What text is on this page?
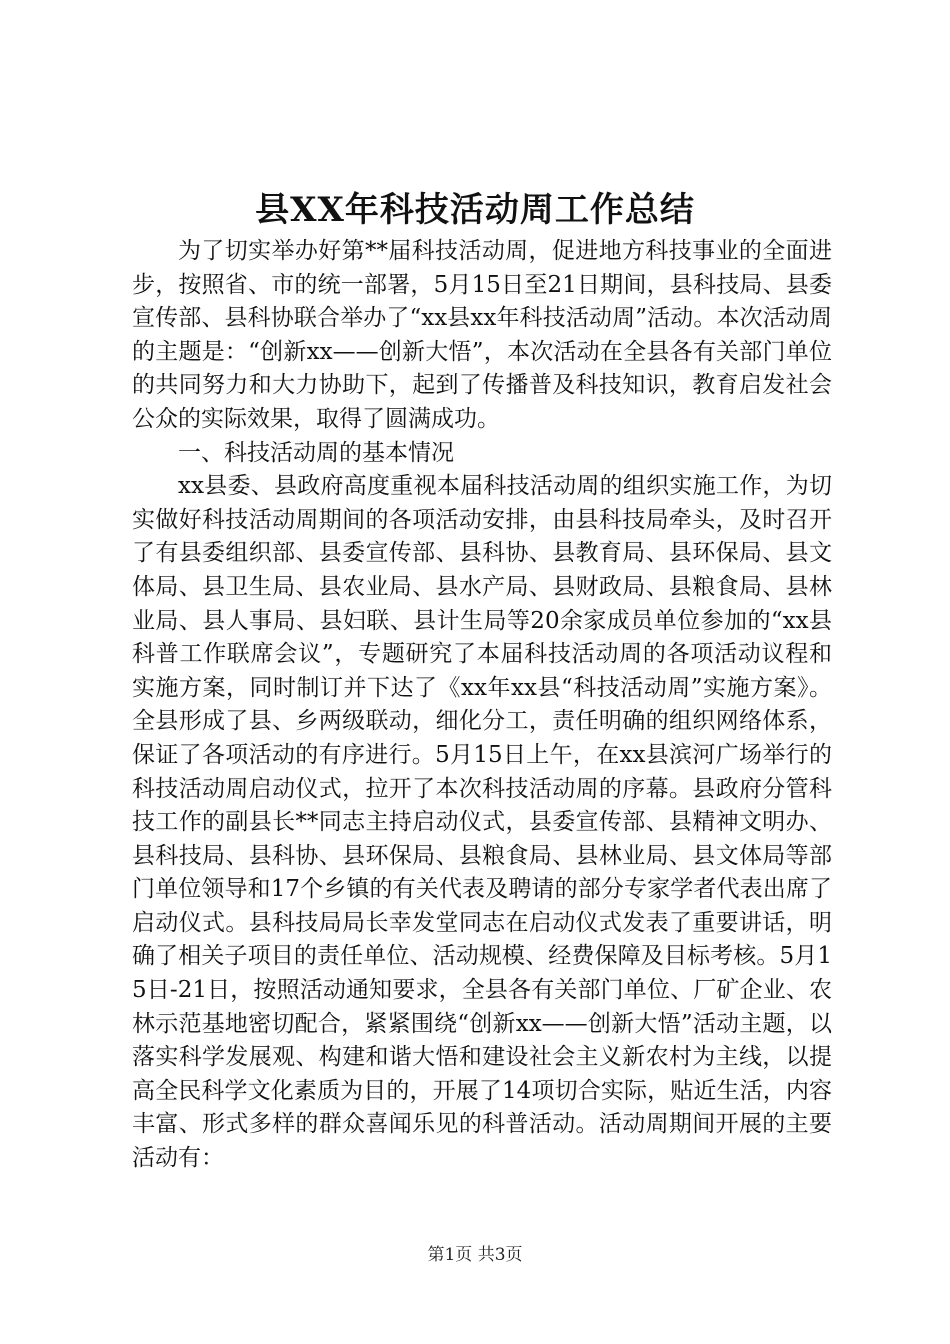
县XX年科技活动周工作总结

为了切实举办好第**届科技活动周，促进地方科技事业的全面进步，按照省、市的统一部署，5月15日至21日期间，县科技局、县委宣传部、县科协联合举办了“xx县xx年科技活动周”活动。本次活动周的主题是：“创新xx——创新大悟”，本次活动在全县各有关部门单位的共同努力和大力协助下，起到了传播普及科技知识，教育启发社会公众的实际效果，取得了圆满成功。

一、科技活动周的基本情况

xx县委、县政府高度重视本届科技活动周的组织实施工作，为切实做好科技活动周期间的各项活动安排，由县科技局牵头，及时召开了有县委组织部、县委宣传部、县科协、县教育局、县环保局、县文体局、县卫生局、县农业局、县水产局、县财政局、县粮食局、县林业局、县人事局、县妇联、县计生局等20余家成员单位参加的“xx县科普工作联席会议”，专题研究了本届科技活动周的各项活动议程和实施方案，同时制订并下达了《xx年xx县“科技活动周”实施方案》。全县形成了县、乡两级联动，细化分工，责任明确的组织网络体系，保证了各项活动的有序进行。5月15日上午，在xx县滨河广场举行的科技活动周启动仪式，拉开了本次科技活动周的序幕。县政府分管科技工作的副县长**同志主持启动仪式，县委宣传部、县精神文明办、县科技局、县科协、县环保局、县粮食局、县林业局、县文体局等部门单位领导和17个乡镇的有关代表及聘请的部分专家学者代表出席了启动仪式。县科技局局长幸发堂同志在启动仪式发表了重要讲话，明确了相关子项目的责任单位、活动规模、经费保障及目标考核。5月15日-21日，按照活动通知要求，全县各有关部门单位、厂矿企业、农林示范基地密切配合，紧紧围绕“创新xx——创新大悟”活动主题，以落实科学发展观、构建和谐大悟和建设社会主义新农村为主线，以提高全民科学文化素质为目的，开展了14项切合实际，贴近生活，内容丰富、形式多样的群众喜闻乐见的科普活动。活动周期间开展的主要活动有：

第1页 共3页
